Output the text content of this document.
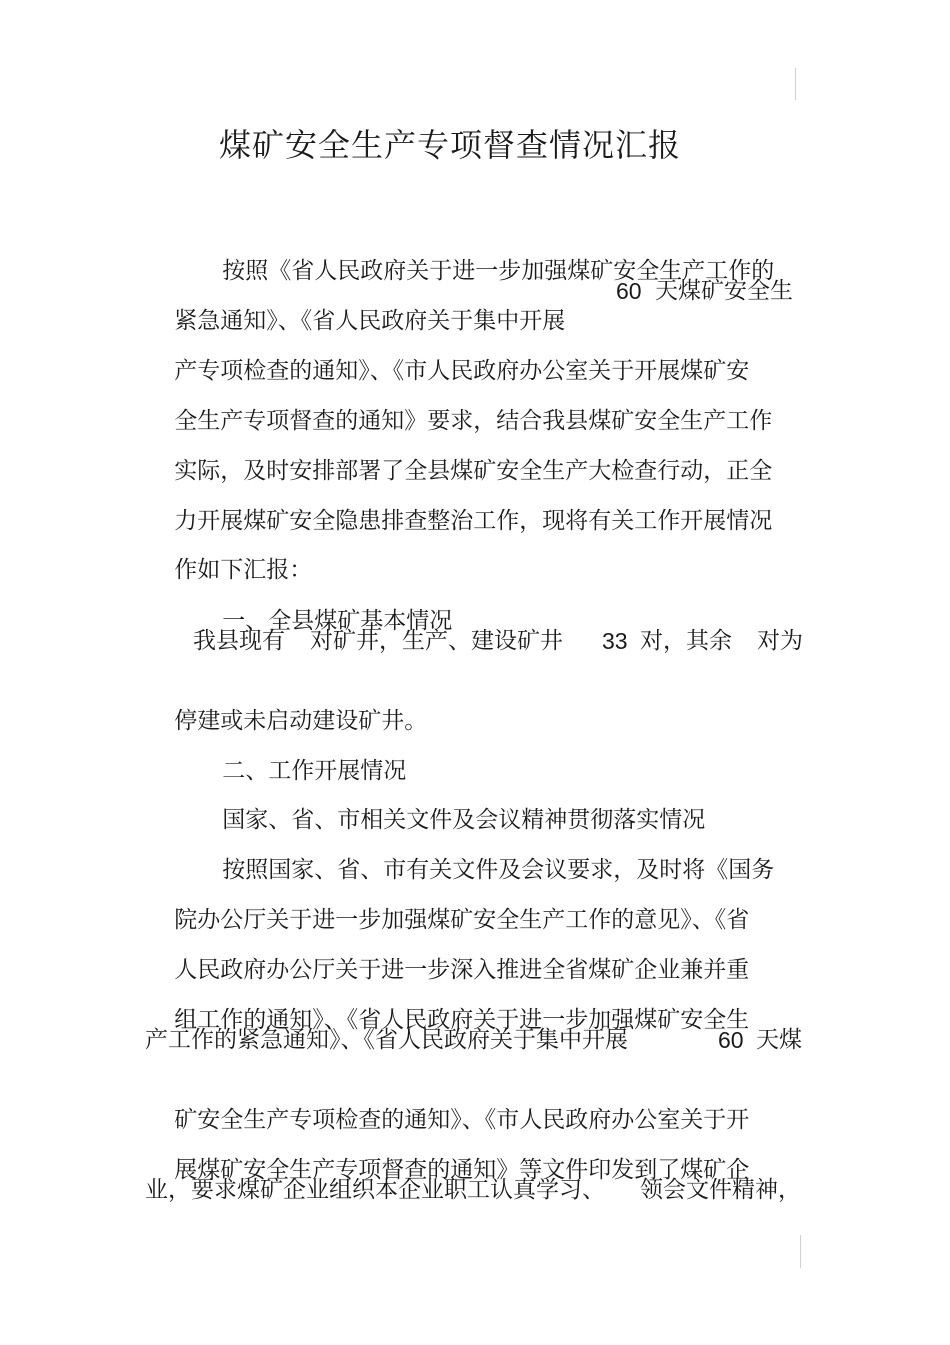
煤矿安全生产专项督查情况汇报

按照《省人民政府关于进一步加强煤矿安全生产工作的

紧急通知》、《省人民政府关于集中开展

60 天煤矿安全生

产专项检查的通知》、《市人民政府办公室关于开展煤矿安

全生产专项督查的通知》要求，结合我县煤矿安全生产工作

实际，及时安排部署了全县煤矿安全生产大检查行动，正全

力开展煤矿安全隐患排查整治工作，现将有关工作开展情况

作如下汇报：

一、全县煤矿基本情况

我县现有 对矿井，生产、建设矿井 33 对，其余 对为

停建或未启动建设矿井。

二、工作开展情况

国家、省、市相关文件及会议精神贯彻落实情况

按照国家、省、市有关文件及会议要求，及时将《国务

院办公厅关于进一步加强煤矿安全生产工作的意见》、《省

人民政府办公厅关于进一步深入推进全省煤矿企业兼并重

组工作的通知》、《省人民政府关于进一步加强煤矿安全生

产工作的紧急通知》、《省人民政府关于集中开展	60 天煤

矿安全生产专项检查的通知》、《市人民政府办公室关于开

展煤矿安全生产专项督查的通知》等文件印发到了煤矿企

业，要求煤矿企业组织本企业职工认真学习、 领会文件精神，
